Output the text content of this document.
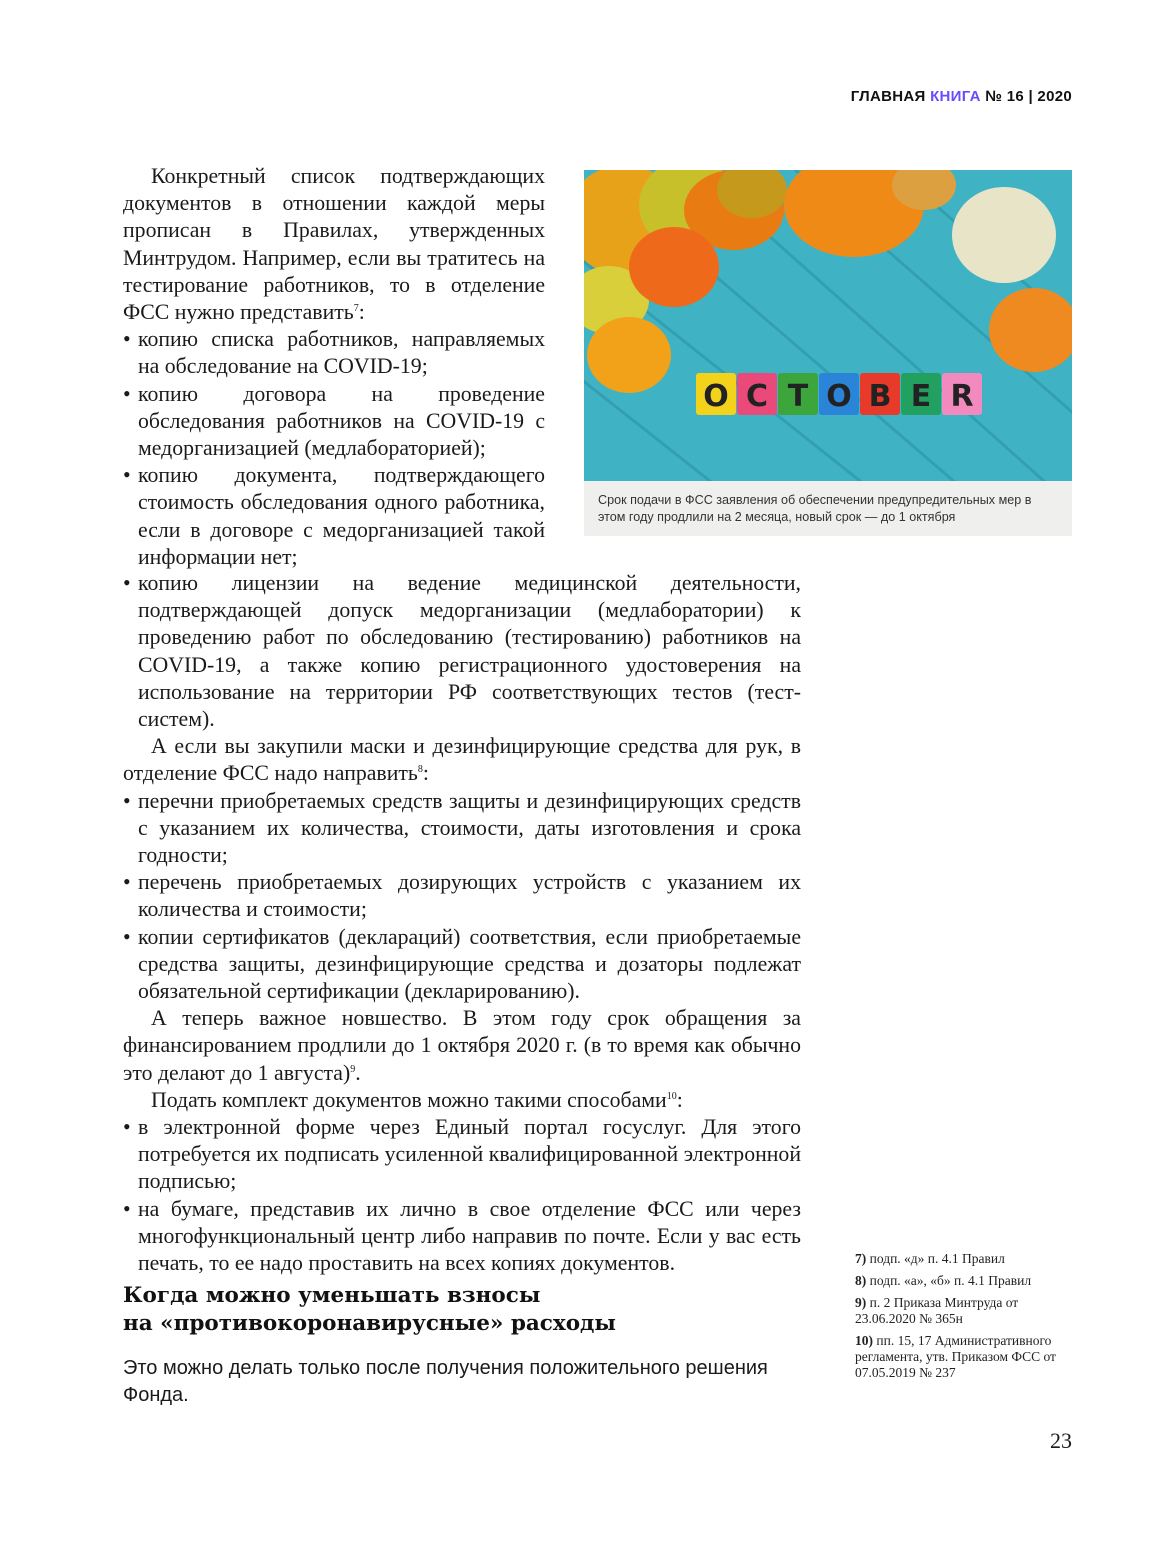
ГЛАВНАЯ КНИГА № 16 | 2020

Конкретный список подтверждающих документов в отношении каждой меры прописан в Правилах, утвержденных Минтрудом. Например, если вы тратитесь на тестирование работников, то в отделение ФСС нужно представить$^7$:

• копию списка работников, направляемых на обследование на COVID-19;
• копию договора на проведение обследования работников на COVID-19 с медорганизацией (медлабораторией);
• копию документа, подтверждающего стоимость обследования одного работника, если в договоре с медорганизацией такой информации нет;
O C T O B E R
Срок подачи в ФСС заявления об обеспечении предупредительных мер в этом году продлили на 2 месяца, новый срок — до 1 октября
• копию лицензии на ведение медицинской деятельности, подтверждающей допуск медорганизации (медлаборатории) к проведению работ по обследованию (тестированию) работников на COVID-19, а также копию регистрационного удостоверения на использование на территории РФ соответствующих тестов (тест-систем).

А если вы закупили маски и дезинфицирующие средства для рук, в отделение ФСС надо направить$^8$:

• перечни приобретаемых средств защиты и дезинфицирующих средств с указанием их количества, стоимости, даты изготовления и срока годности;
• перечень приобретаемых дозирующих устройств с указанием их количества и стоимости;
• копии сертификатов (деклараций) соответствия, если приобретаемые средства защиты, дезинфицирующие средства и дозаторы подлежат обязательной сертификации (декларированию).

А теперь важное новшество. В этом году срок обращения за финансированием продлили до 1 октября 2020 г. (в то время как обычно это делают до 1 августа)$^9$.

Подать комплект документов можно такими способами$^{10}$:

• в электронной форме через Единый портал госуслуг. Для этого потребуется их подписать усиленной квалифицированной электронной подписью;
• на бумаге, представив их лично в свое отделение ФСС или через многофункциональный центр либо направив по почте. Если у вас есть печать, то ее надо проставить на всех копиях документов.
Когда можно уменьшать взносы
на «противокоронавирусные» расходы
Это можно делать только после получения положительного решения Фонда.
7) подп. «д» п. 4.1 Правил
8) подп. «а», «б» п. 4.1 Правил
9) п. 2 Приказа Минтруда от 23.06.2020 № 365н
10) пп. 15, 17 Административного регламента, утв. Приказом ФСС от 07.05.2019 № 237
23
